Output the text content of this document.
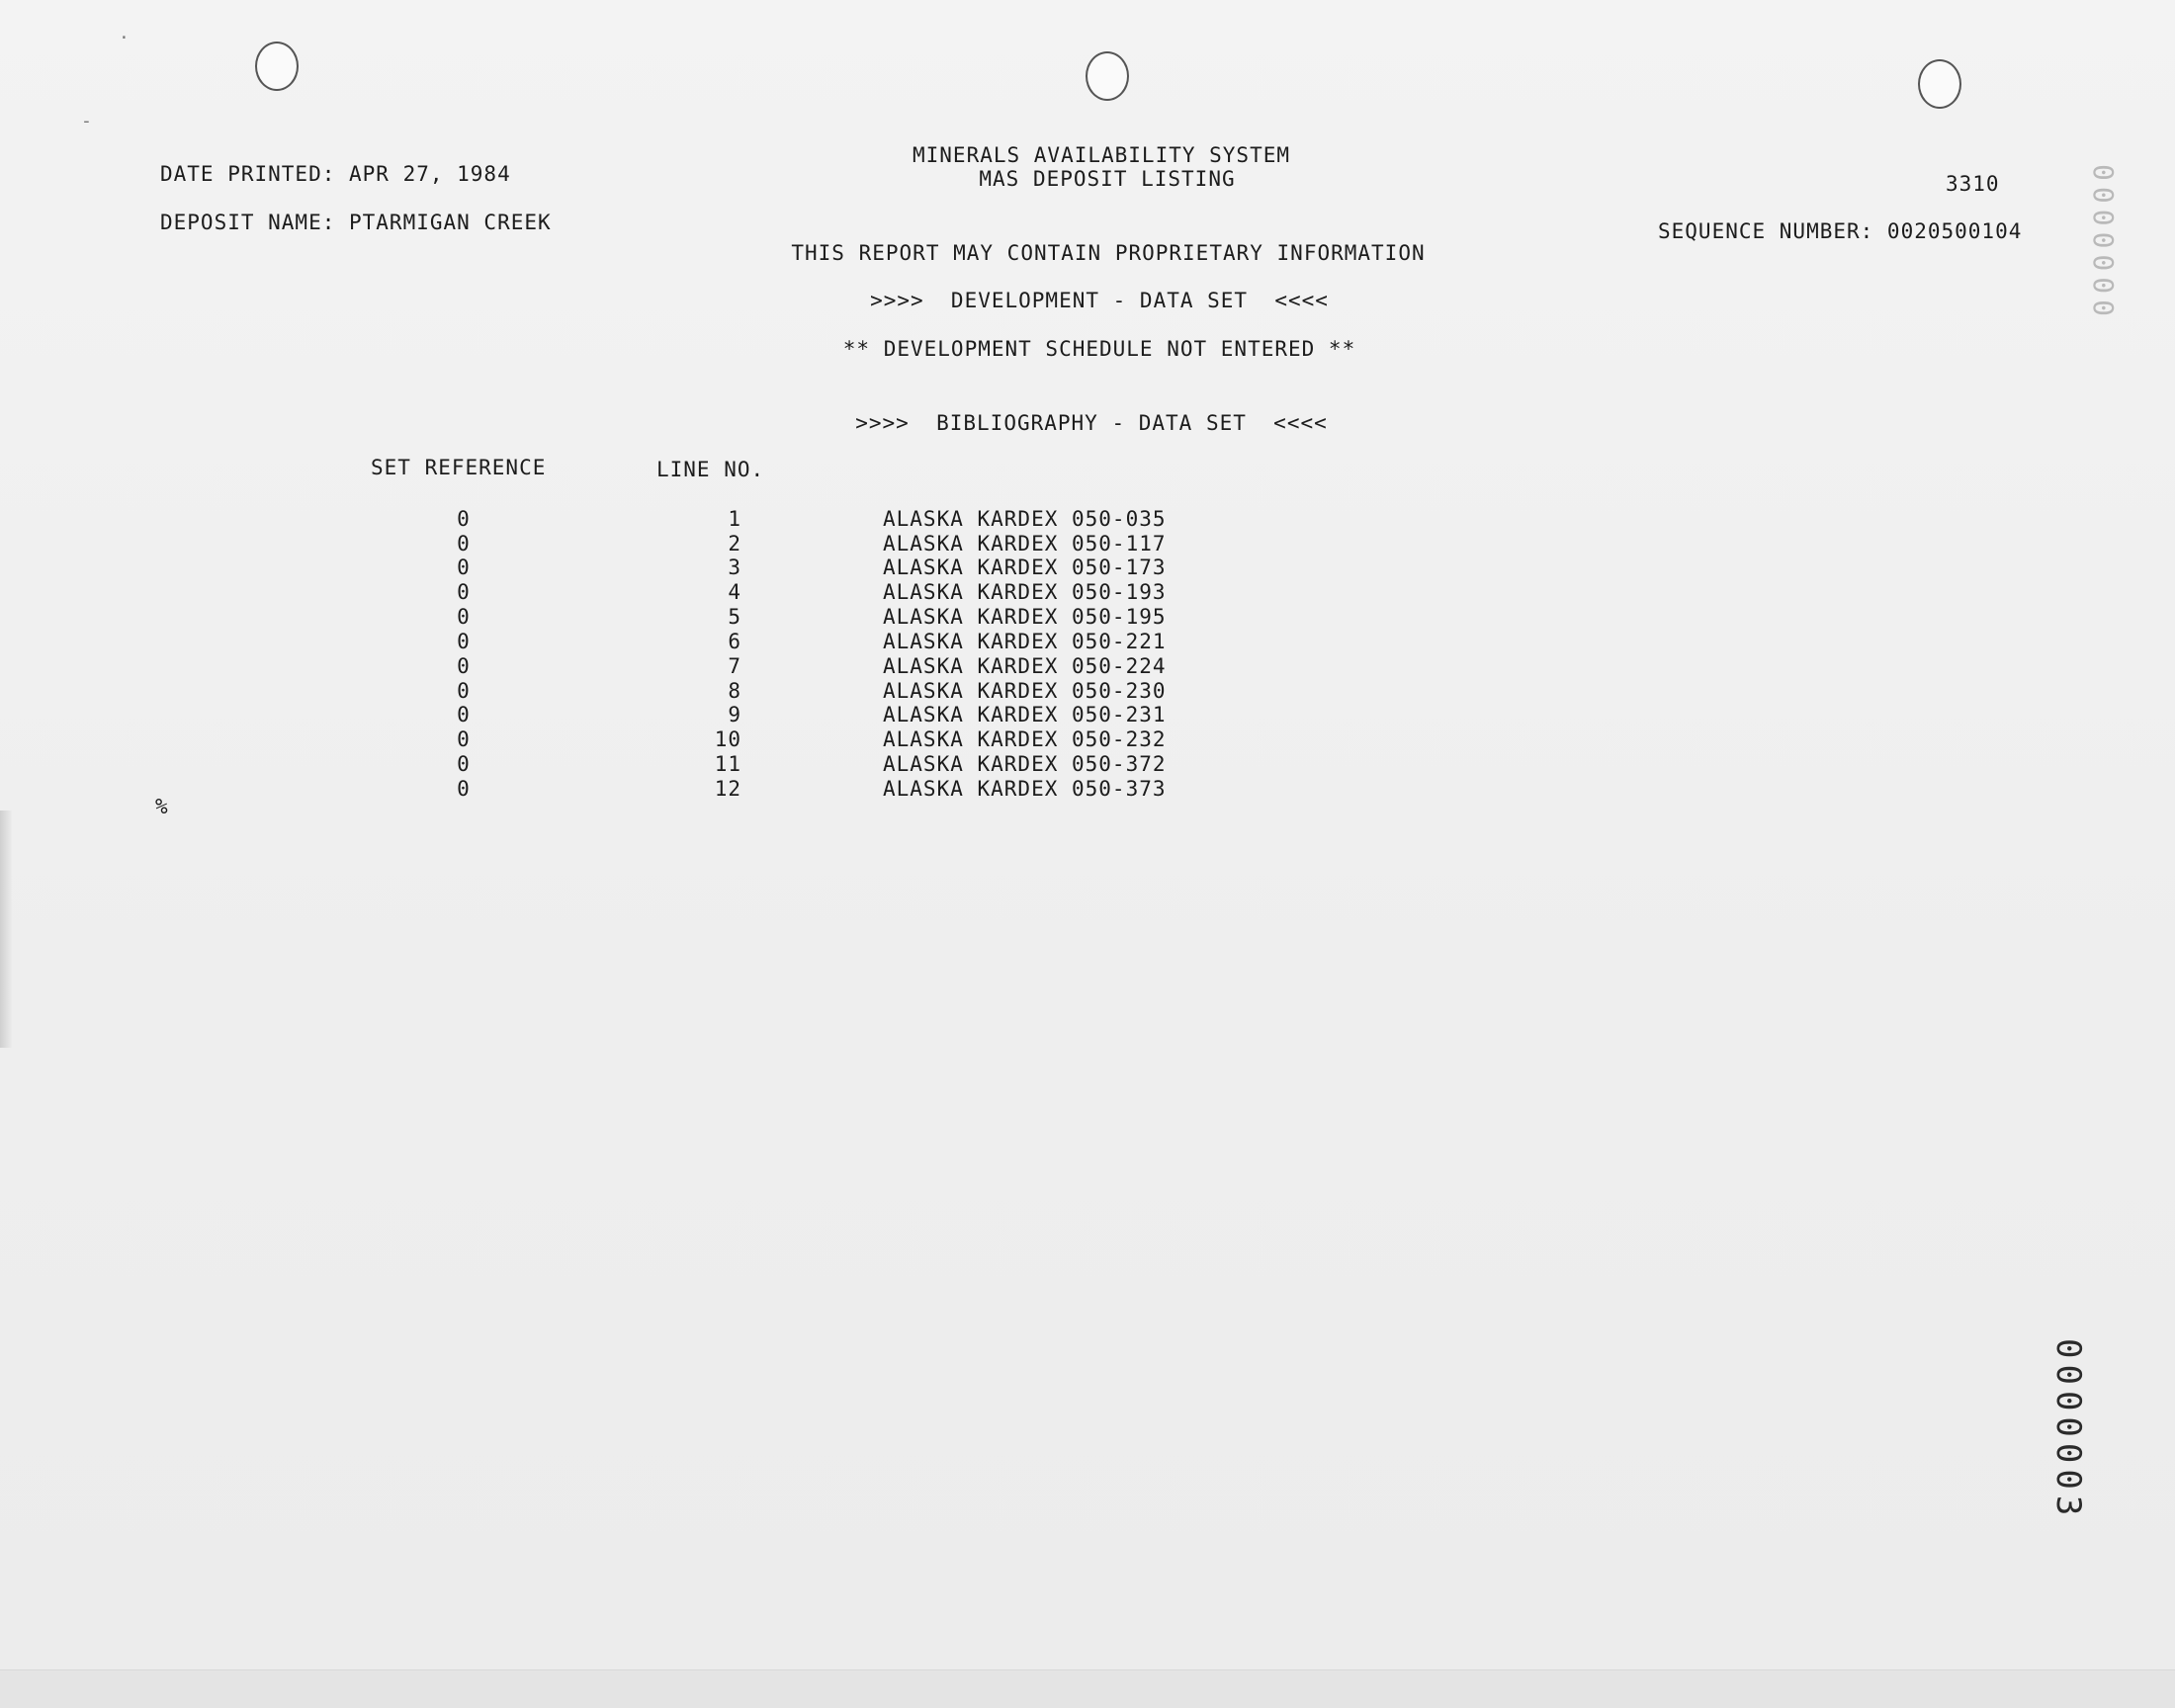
·
-
DATE PRINTED: APR 27, 1984
DEPOSIT NAME: PTARMIGAN CREEK
MINERALS AVAILABILITY SYSTEM
MAS DEPOSIT LISTING	3310
SEQUENCE NUMBER: 0020500104
THIS REPORT MAY CONTAIN PROPRIETARY INFORMATION
>>>>  DEVELOPMENT - DATA SET  <<<<
** DEVELOPMENT SCHEDULE NOT ENTERED **
>>>>  BIBLIOGRAPHY - DATA SET  <<<<
SET REFERENCE	LINE NO.
0	1	ALASKA KARDEX 050-035
0	2	ALASKA KARDEX 050-117
0	3	ALASKA KARDEX 050-173
0	4	ALASKA KARDEX 050-193
0	5	ALASKA KARDEX 050-195
0	6	ALASKA KARDEX 050-221
0	7	ALASKA KARDEX 050-224
0	8	ALASKA KARDEX 050-230
0	9	ALASKA KARDEX 050-231
0	10	ALASKA KARDEX 050-232
0	11	ALASKA KARDEX 050-372
0	12	ALASKA KARDEX 050-373
%
0000000
0000003
